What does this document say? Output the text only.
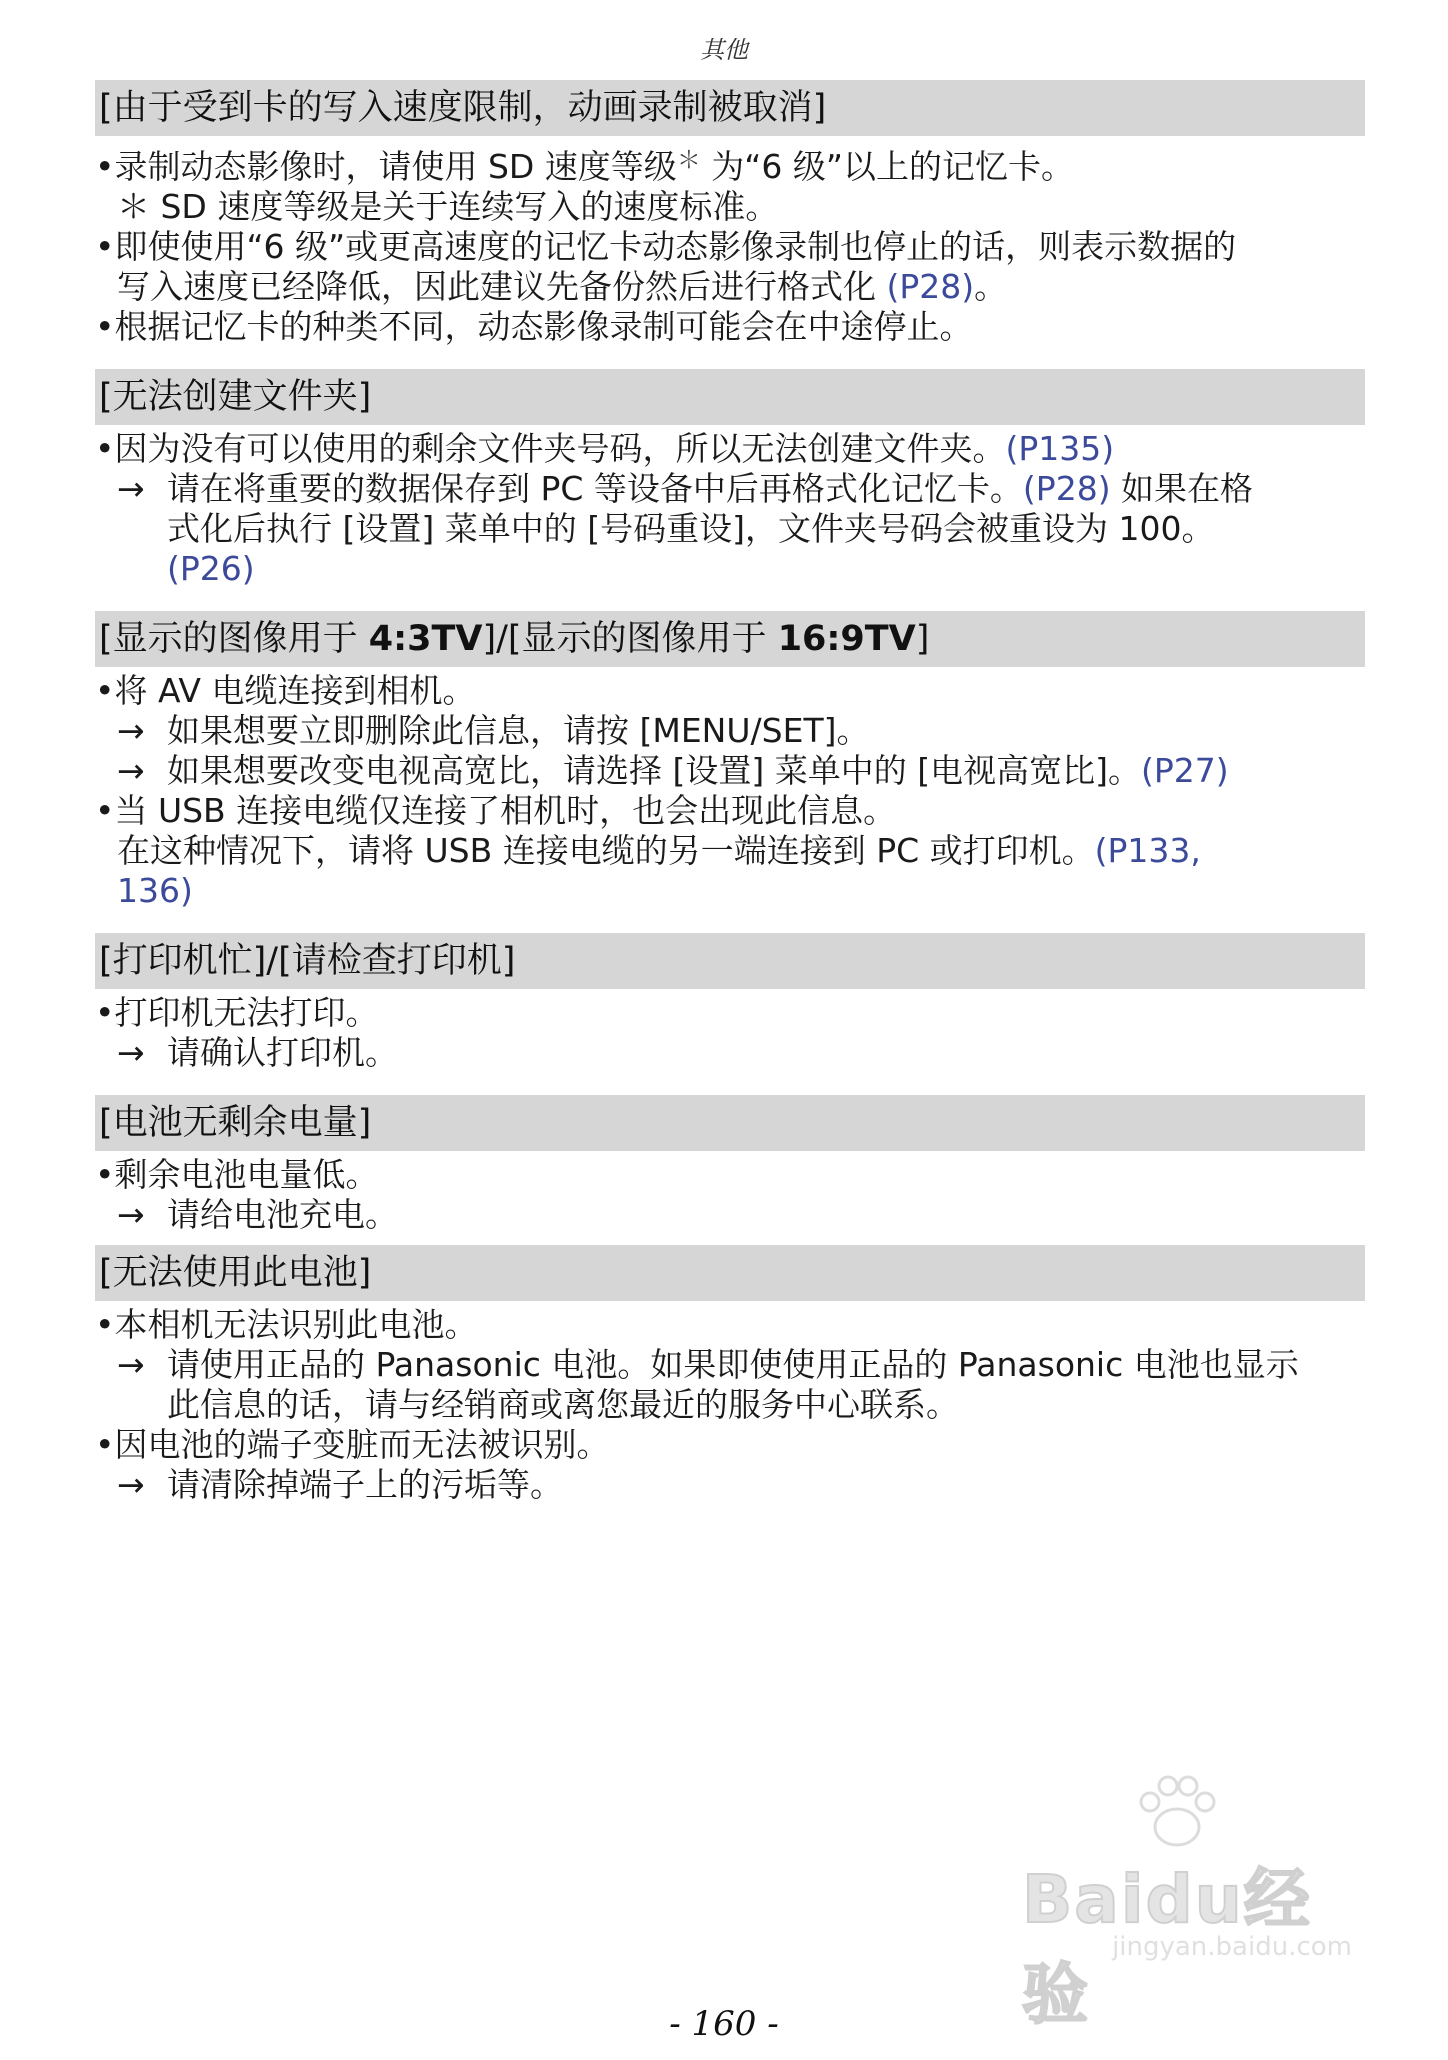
其他
[由于受到卡的写入速度限制，动画录制被取消]

•录制动态影像时，请使用 SD 速度等级＊ 为“6 级”以上的记忆卡。

＊ SD 速度等级是关于连续写入的速度标准。

•即使使用“6 级”或更高速度的记忆卡动态影像录制也停止的话，则表示数据的

写入速度已经降低，因此建议先备份然后进行格式化 (P28)。

•根据记忆卡的种类不同，动态影像录制可能会在中途停止。

[无法创建文件夹]

•因为没有可以使用的剩余文件夹号码，所以无法创建文件夹。(P135)

→ 请在将重要的数据保存到 PC 等设备中后再格式化记忆卡。(P28) 如果在格

式化后执行 [设置] 菜单中的 [号码重设]，文件夹号码会被重设为 100。

(P26)

[显示的图像用于 4:3TV]/[显示的图像用于 16:9TV]

•将 AV 电缆连接到相机。

→ 如果想要立即删除此信息，请按 [MENU/SET]。

→ 如果想要改变电视高宽比，请选择 [设置] 菜单中的 [电视高宽比]。(P27)

•当 USB 连接电缆仅连接了相机时，也会出现此信息。

在这种情况下，请将 USB 连接电缆的另一端连接到 PC 或打印机。(P133,

136)

[打印机忙]/[请检查打印机]

•打印机无法打印。

→ 请确认打印机。

[电池无剩余电量]

•剩余电池电量低。

→ 请给电池充电。

[无法使用此电池]

•本相机无法识别此电池。

→ 请使用正品的 Panasonic 电池。如果即使使用正品的 Panasonic 电池也显示

此信息的话，请与经销商或离您最近的服务中心联系。

•因电池的端子变脏而无法被识别。

→ 请清除掉端子上的污垢等。

Baidu经验
jingyan.baidu.com
- 160 -
